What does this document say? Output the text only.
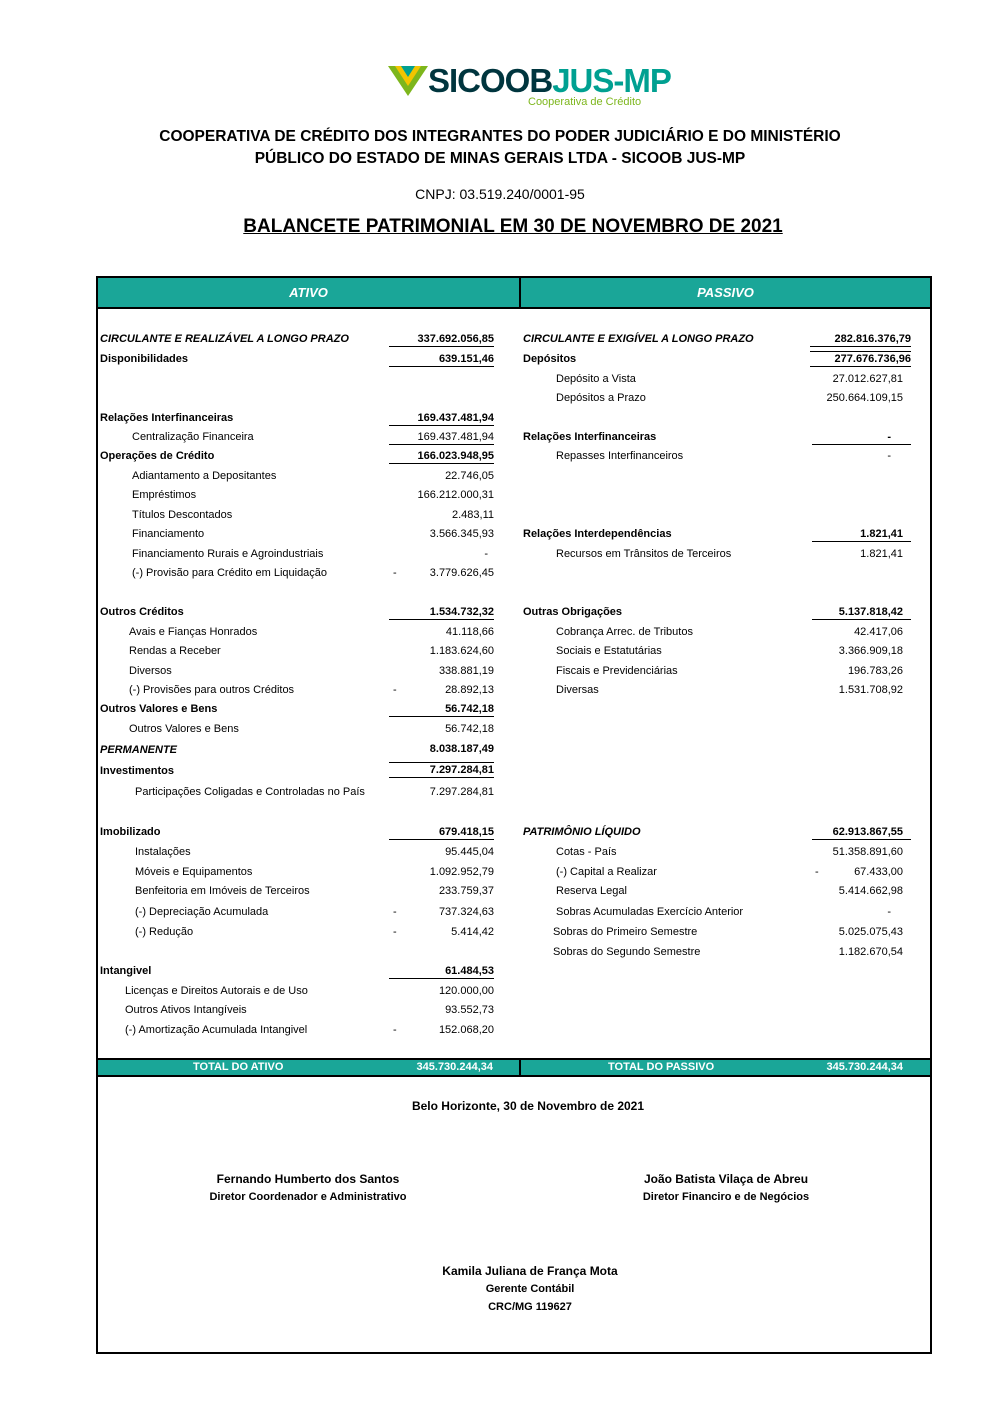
SICOOBJUS-MP
Cooperativa de Crédito
COOPERATIVA DE CRÉDITO DOS INTEGRANTES DO PODER JUDICIÁRIO E DO MINISTÉRIO
PÚBLICO DO ESTADO DE MINAS GERAIS LTDA - SICOOB JUS-MP
CNPJ: 03.519.240/0001-95
BALANCETE PATRIMONIAL EM 30 DE NOVEMBRO DE 2021
ATIVO	PASSIVO
CIRCULANTE E REALIZÁVEL A LONGO PRAZO	337.692.056,85
Disponibilidades	639.151,46
Relações Interfinanceiras	169.437.481,94
Centralização Financeira	169.437.481,94
Operações de Crédito	166.023.948,95
Adiantamento a Depositantes	22.746,05
Empréstimos	166.212.000,31
Títulos Descontados	2.483,11
Financiamento	3.566.345,93
Financiamento Rurais e Agroindustriais	-
(-) Provisão para Crédito em Liquidação	-	3.779.626,45
Outros Créditos	1.534.732,32
Avais e Fianças Honrados	41.118,66
Rendas a Receber	1.183.624,60
Diversos	338.881,19
(-) Provisões para outros Créditos	-	28.892,13
Outros Valores e Bens	56.742,18
Outros Valores e Bens	56.742,18
PERMANENTE	8.038.187,49
Investimentos	7.297.284,81
Participações Coligadas e Controladas no País	7.297.284,81
Imobilizado	679.418,15
Instalações	95.445,04
Móveis e Equipamentos	1.092.952,79
Benfeitoria em Imóveis de Terceiros	233.759,37
(-) Depreciação Acumulada	-	737.324,63
(-) Redução	-	5.414,42
Intangivel	61.484,53
Licenças e Direitos Autorais e de Uso	120.000,00
Outros Ativos Intangíveis	93.552,73
(-) Amortização Acumulada Intangivel	-	152.068,20
CIRCULANTE E EXIGÍVEL A LONGO PRAZO	282.816.376,79
Depósitos	277.676.736,96
Depósito a Vista	27.012.627,81
Depósitos a Prazo	250.664.109,15
Relações Interfinanceiras	-
Repasses Interfinanceiros	-
Relações Interdependências	1.821,41
Recursos em Trânsitos de Terceiros	1.821,41
Outras Obrigações	5.137.818,42
Cobrança Arrec. de Tributos	42.417,06
Sociais e Estatutárias	3.366.909,18
Fiscais e Previdenciárias	196.783,26
Diversas	1.531.708,92
PATRIMÔNIO LÍQUIDO	62.913.867,55
Cotas - País	51.358.891,60
(-) Capital a Realizar	-	67.433,00
Reserva Legal	5.414.662,98
Sobras Acumuladas Exercício Anterior	-
Sobras do Primeiro Semestre	5.025.075,43
Sobras do Segundo Semestre	1.182.670,54
TOTAL DO ATIVO	345.730.244,34	TOTAL DO PASSIVO	345.730.244,34
Belo Horizonte, 30 de Novembro de 2021
Fernando Humberto dos Santos
Diretor Coordenador e Administrativo
João Batista Vilaça de Abreu
Diretor Financiro e de Negócios
Kamila Juliana de França Mota
Gerente Contábil
CRC/MG 119627
